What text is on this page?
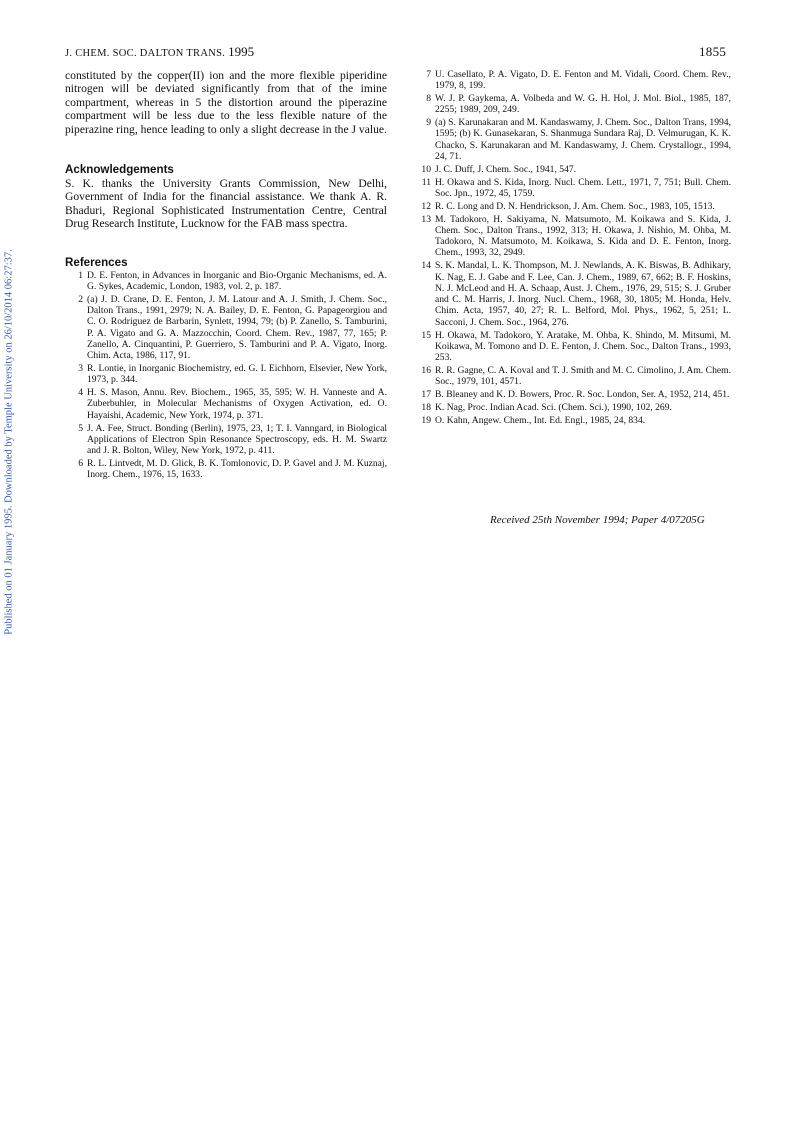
J. CHEM. SOC. DALTON TRANS. 1995	1855
Published on 01 January 1995. Downloaded by Temple University on 26/10/2014 06:27:37.

constituted by the copper(II) ion and the more flexible piperidine nitrogen will be deviated significantly from that of the imine compartment, whereas in 5 the distortion around the piperazine compartment will be less due to the less flexible nature of the piperazine ring, hence leading to only a slight decrease in the J value.

Acknowledgements

S. K. thanks the University Grants Commission, New Delhi, Government of India for the financial assistance. We thank A. R. Bhaduri, Regional Sophisticated Instrumentation Centre, Central Drug Research Institute, Lucknow for the FAB mass spectra.

References
1 D. E. Fenton, in Advances in Inorganic and Bio-Organic Mechanisms, ed. A. G. Sykes, Academic, London, 1983, vol. 2, p. 187.
2 (a) J. D. Crane, D. E. Fenton, J. M. Latour and A. J. Smith, J. Chem. Soc., Dalton Trans., 1991, 2979; N. A. Bailey, D. E. Fenton, G. Papageorgiou and C. O. Rodriguez de Barbarin, Synlett, 1994, 79; (b) P. Zanello, S. Tamburini, P. A. Vigato and G. A. Mazzocchin, Coord. Chem. Rev., 1987, 77, 165; P. Zanello, A. Cinquantini, P. Guerriero, S. Tamburini and P. A. Vigato, Inorg. Chim. Acta, 1986, 117, 91.
3 R. Lontie, in Inorganic Biochemistry, ed. G. I. Eichhorn, Elsevier, New York, 1973, p. 344.
4 H. S. Mason, Annu. Rev. Biochem., 1965, 35, 595; W. H. Vanneste and A. Zuberbuhler, in Molecular Mechanisms of Oxygen Activation, ed. O. Hayaishi, Academic, New York, 1974, p. 371.
5 J. A. Fee, Struct. Bonding (Berlin), 1975, 23, 1; T. I. Vanngard, in Biological Applications of Electron Spin Resonance Spectroscopy, eds. H. M. Swartz and J. R. Bolton, Wiley, New York, 1972, p. 411.
6 R. L. Lintvedt, M. D. Glick, B. K. Tomlonovic, D. P. Gavel and J. M. Kuznaj, Inorg. Chem., 1976, 15, 1633.
7 U. Casellato, P. A. Vigato, D. E. Fenton and M. Vidali, Coord. Chem. Rev., 1979, 8, 199.
8 W. J. P. Gaykema, A. Volbeda and W. G. H. Hol, J. Mol. Biol., 1985, 187, 2255; 1989, 209, 249.
9 (a) S. Karunakaran and M. Kandaswamy, J. Chem. Soc., Dalton Trans, 1994, 1595; (b) K. Gunasekaran, S. Shanmuga Sundara Raj, D. Velmurugan, K. K. Chacko, S. Karunakaran and M. Kandaswamy, J. Chem. Crystallogr., 1994, 24, 71.
10 J. C. Duff, J. Chem. Soc., 1941, 547.
11 H. Okawa and S. Kida, Inorg. Nucl. Chem. Lett., 1971, 7, 751; Bull. Chem. Soc. Jpn., 1972, 45, 1759.
12 R. C. Long and D. N. Hendrickson, J. Am. Chem. Soc., 1983, 105, 1513.
13 M. Tadokoro, H. Sakiyama, N. Matsumoto, M. Koikawa and S. Kida, J. Chem. Soc., Dalton Trans., 1992, 313; H. Okawa, J. Nishio, M. Ohba, M. Tadokoro, N. Matsumoto, M. Koikawa, S. Kida and D. E. Fenton, Inorg. Chem., 1993, 32, 2949.
14 S. K. Mandal, L. K. Thompson, M. J. Newlands, A. K. Biswas, B. Adhikary, K. Nag, E. J. Gabe and F. Lee, Can. J. Chem., 1989, 67, 662; B. F. Hoskins, N. J. McLeod and H. A. Schaap, Aust. J. Chem., 1976, 29, 515; S. J. Gruber and C. M. Harris, J. Inorg. Nucl. Chem., 1968, 30, 1805; M. Honda, Helv. Chim. Acta, 1957, 40, 27; R. L. Belford, Mol. Phys., 1962, 5, 251; L. Sacconi, J. Chem. Soc., 1964, 276.
15 H. Okawa, M. Tadokoro, Y. Aratake, M. Ohba, K. Shindo, M. Mitsumi, M. Koikawa, M. Tomono and D. E. Fenton, J. Chem. Soc., Dalton Trans., 1993, 253.
16 R. R. Gagne, C. A. Koval and T. J. Smith and M. C. Cimolino, J. Am. Chem. Soc., 1979, 101, 4571.
17 B. Bleaney and K. D. Bowers, Proc. R. Soc. London, Ser. A, 1952, 214, 451.
18 K. Nag, Proc. Indian Acad. Sci. (Chem. Sci.), 1990, 102, 269.
19 O. Kahn, Angew. Chem., Int. Ed. Engl., 1985, 24, 834.
Received 25th November 1994; Paper 4/07205G
